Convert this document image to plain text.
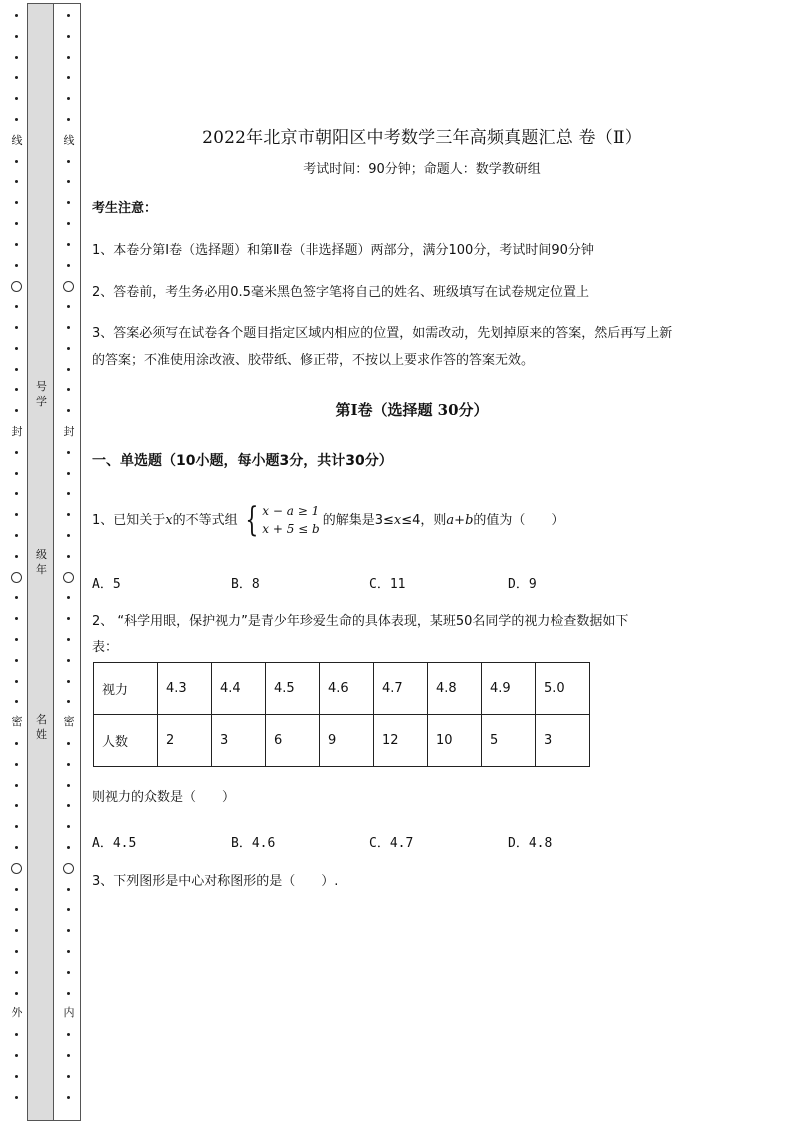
线
封
密
外
号
学
级
年
名
姓
线
封
密
内
2022年北京市朝阳区中考数学三年高频真题汇总 卷（Ⅱ）
考试时间：90分钟；命题人：数学教研组
考生注意：
1、本卷分第Ⅰ卷（选择题）和第Ⅱ卷（非选择题）两部分，满分100分，考试时间90分钟
2、答卷前，考生务必用0.5毫米黑色签字笔将自己的姓名、班级填写在试卷规定位置上
3、答案必须写在试卷各个题目指定区域内相应的位置，如需改动，先划掉原来的答案，然后再写上新
的答案；不准使用涂改液、胶带纸、修正带，不按以上要求作答的答案无效。
第Ⅰ卷（选择题 30分）
一、单选题（10小题，每小题3分，共计30分）
1、已知关于x的不等式组 { x − a ≥ 1
x + 5 ≤ b
的解集是3≤x≤4，则a+b的值为（　　）
A．5	B．8	C．11	D．9
2、 “科学用眼，保护视力”是青少年珍爱生命的具体表现，某班50名同学的视力检查数据如下
表：
视力	4.3	4.4	4.5	4.6	4.7	4.8	4.9	5.0
人数	2	3	6	9	12	10	5	3
则视力的众数是（　　）
A．4.5	B．4.6	C．4.7	D．4.8
3、下列图形是中心对称图形的是（　　）.
